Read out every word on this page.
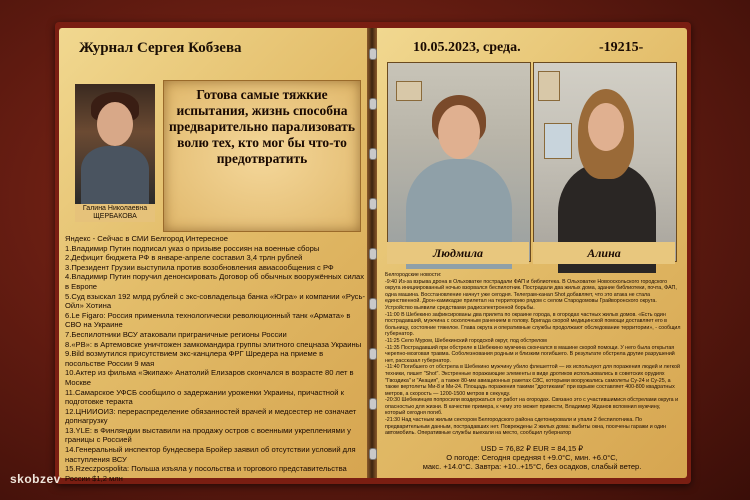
Журнал Сергея Кобзева
Галина Николаевна ЩЕРБАКОВА
Готова самые тяжкие испытания, жизнь способна предварительно парализовать волю тех, кто мог бы что-то предотвратить
Яндекс - Сейчас в СМИ Белгород Интересное
1.Владимир Путин подписал указ о призыве россиян на военные сборы
2.Дефицит бюджета РФ в январе-апреле составил 3,4 трлн рублей
3.Президент Грузии выступила против возобновления авиасообщения с РФ
4.Владимир Путин поручил денонсировать Договор об обычных вооружённых силах в Европе
5.Суд взыскал 192 млрд рублей с экс-совладельца банка «Югра» и компании «Русь-Ойл» Хотина
6.Le Figaro: Россия применила технологически революционный танк «Армата» в СВО на Украине
7.Беспилотники ВСУ атаковали приграничные регионы России
8.«РВ»: в Артемовске уничтожен замкомандира группы элитного спецназа Украины
9.Bild возмутился присутствием экс-канцлера ФРГ Шредера на приеме в посольстве России 9 мая
10.Актер из фильма «Экипаж» Анатолий Елизаров скончался в возрасте 80 лет в Москве
11.Самарское УФСБ сообщило о задержании уроженки Украины, причастной к подготовке теракта
12.ЦНИИОИЗ: перераспределение обязанностей врачей и медсестер не означает допнагрузку
13.YLE: в Финляндии выставили на продажу остров с военными укреплениями у границы с Россией
14.Генеральный инспектор бундесвера Бройер заявил об отсутствии условий для наступления ВСУ
15.Rzeczpospolita: Польша изъяла у посольства и торгового представительства России $1,2 млн
10.05.2023, среда.	-19215-
Людмила	Алина
Белгородские новости:
-9:40 Из-за взрыва дрона в Ольховатке пострадали ФАП и библиотека. В Ольховатке Новооскольского городского округа инициированный ночью взорвался беспилотник. Пострадали два жилых дома, здание библиотеки, почта, ФАП, одна машина. Восстановление начнут уже сегодня. Телеграм-канал Shot добавляет, что это атака не стала единственной. Дрон-камикадзе прилетал на территорию рядом с селом Стародомовы Грайворонского округа. Устройство выявили средствами радиоэлектронной борьбы.
-11:00 В Шебекино зафиксированы два прилета по окраине города, в огородах частных жилых домов. «Есть один пострадавший, мужчина с осколочным ранением в голову. Бригада скорой медицинской помощи доставляет его в больницу, состояние тяжелое. Глава округа и оперативные службы продолжают обследование территории», - сообщил губернатор.
-11:25 Село Муром, Шебекинский городской округ, под обстрелом
-11:35 Пострадавший при обстреле в Шебекино мужчина скончался в машине скорой помощи. У него была открытая черепно-мозговая травма. Соболезнования родным и близким погибшего. В результате обстрела другие разрушений нет, рассказал губернатор.
-11:40 Погибшего от обстрела в Шебекино мужчину убило флешеттой — их используют для поражения людей и легкой техники, пишет "Shot". Экстренные поражающие элементы в виде дротиков использовались в советских орудиях "Гвоздика" и "Акация", а также 80-мм авиационных ракетах С8С, которыми вооружались самолеты Су-24 и Су-25, а также вертолеты Ми-8 и Ми-24. Площадь поражения такими "дротиками" при взрыве составляет 400-800 квадратных метров, а скорость — 1200-1500 метров в секунду.
-20:30 Шебекинцев попросили воздержаться от работ на огородах. Связано это с участившимися обстрелами округа и опасностью для жизни. В качестве примера, к чему это может привести, Владимир Жданов вспомнил мужчину, который сегодня погиб.
-21:30 Над частным жилым сектором Белгородского района сдетонировали и упали 2 беспилотника. По предварительным данным, пострадавших нет. Повреждены 2 жилых дома: выбиты окна, посечены гаражи и один автомобиль. Оперативные службы выехали на место, сообщил губернатор
USD = 76,82 ₽ EUR = 84,15 ₽
О погоде: Сегодня средняя t +9.0°С, мин. +6.0°С,
макс. +14.0°С. Завтра: +10..+15°С, без осадков, слабый ветер.
skobzev
